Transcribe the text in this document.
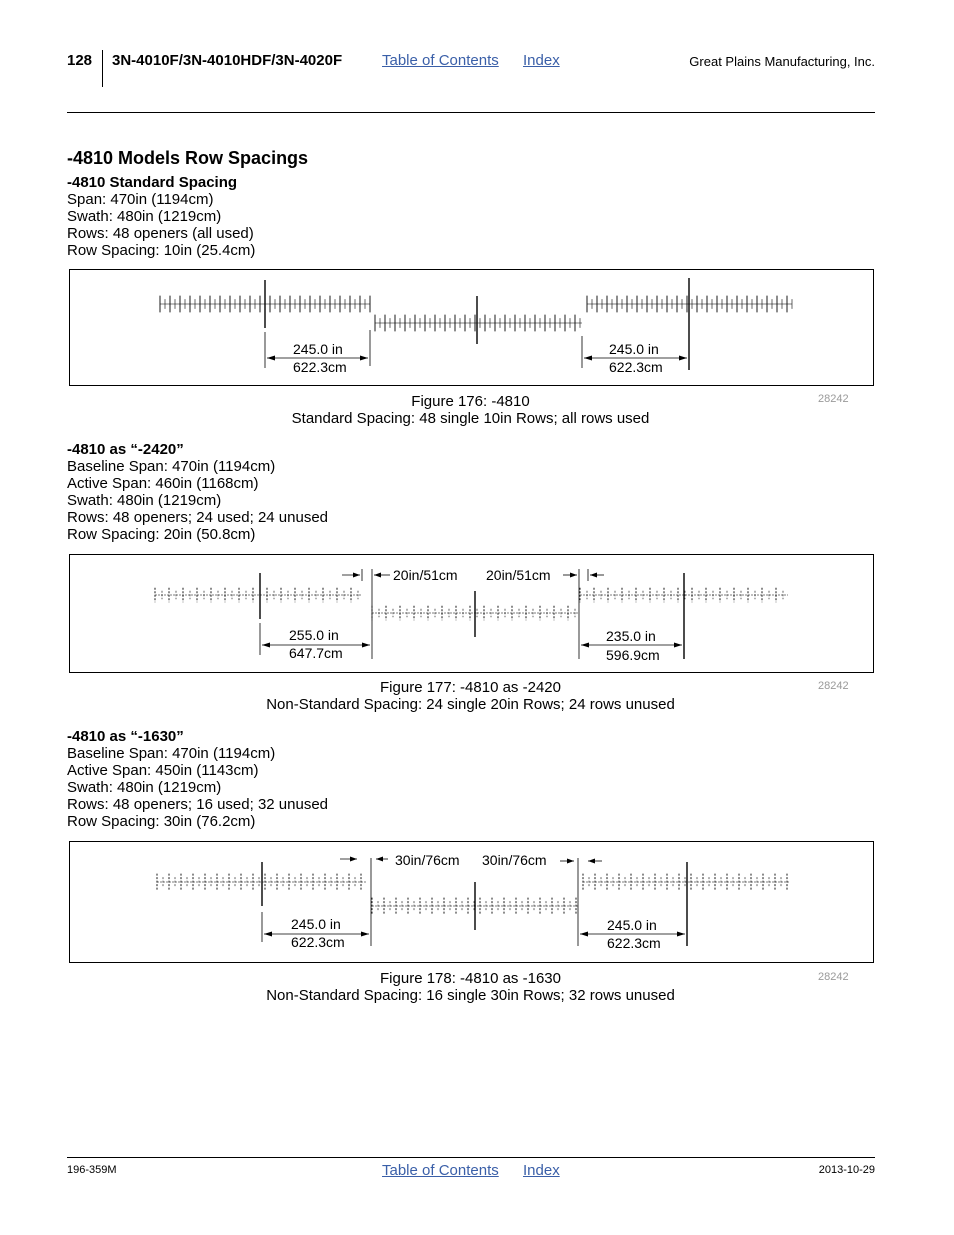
128 3N-4010F/3N-4010HDF/3N-4020F	Table of Contents Index	Great Plains Manufacturing, Inc.
-4810 Models Row Spacings
-4810 Standard Spacing
Span: 470in (1194cm)
Swath: 480in (1219cm)
Rows: 48 openers (all used)
Row Spacing: 10in (25.4cm)
245.0 in
622.3cm
245.0 in
622.3cm
Figure 176: -4810
Standard Spacing: 48 single 10in Rows; all rows used
28242
-4810 as “-2420”
Baseline Span: 470in (1194cm)
Active Span: 460in (1168cm)
Swath: 480in (1219cm)
Rows: 48 openers; 24 used; 24 unused
Row Spacing: 20in (50.8cm)
20in/51cm 20in/51cm
255.0 in
647.7cm
235.0 in
596.9cm
Figure 177: -4810 as -2420
Non-Standard Spacing: 24 single 20in Rows; 24 rows unused
28242
-4810 as “-1630”
Baseline Span: 470in (1194cm)
Active Span: 450in (1143cm)
Swath: 480in (1219cm)
Rows: 48 openers; 16 used; 32 unused
Row Spacing: 30in (76.2cm)
30in/76cm 30in/76cm
245.0 in
622.3cm
245.0 in
622.3cm
Figure 178: -4810 as -1630
Non-Standard Spacing: 16 single 30in Rows; 32 rows unused
28242
196-359M	Table of Contents Index	2013-10-29
